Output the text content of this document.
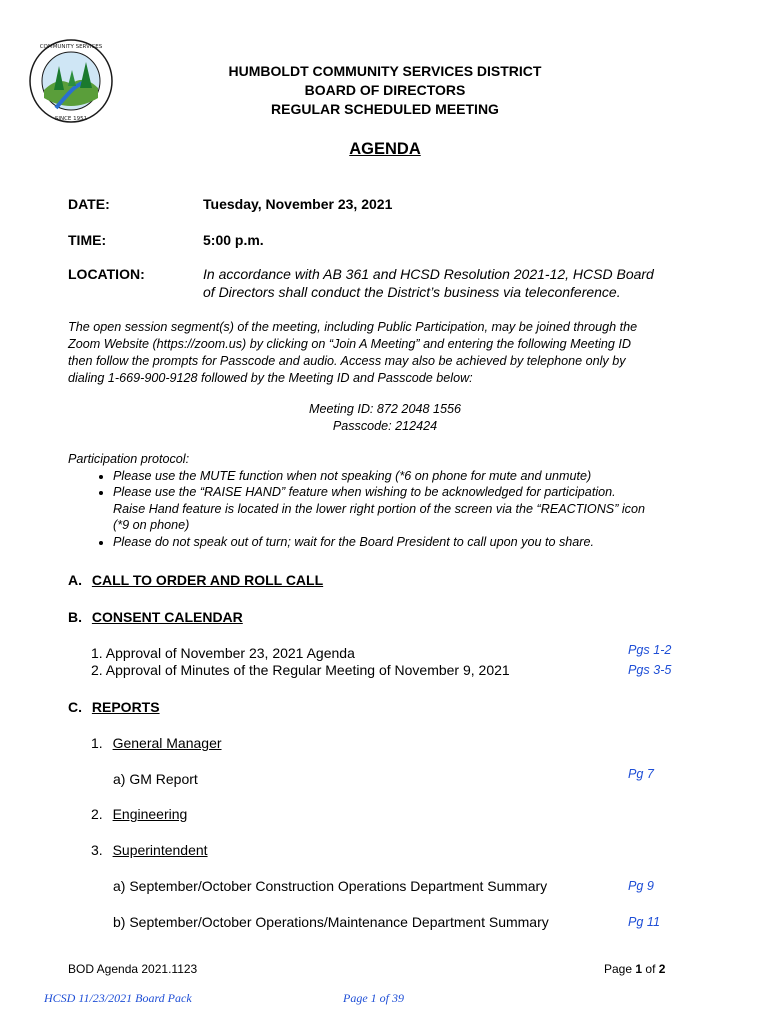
COMMUNITY SERVICES
SINCE 1951
HUMBOLDT COMMUNITY SERVICES DISTRICT
BOARD OF DIRECTORS
REGULAR SCHEDULED MEETING
AGENDA
DATE:	Tuesday, November 23, 2021
TIME:	5:00 p.m.
LOCATION:	In accordance with AB 361 and HCSD Resolution 2021-12, HCSD Board
of Directors shall conduct the District’s business via teleconference.
The open session segment(s) of the meeting, including Public Participation, may be joined through the
Zoom Website (https://zoom.us) by clicking on “Join A Meeting” and entering the following Meeting ID
then follow the prompts for Passcode and audio. Access may also be achieved by telephone only by
dialing 1-669-900-9128 followed by the Meeting ID and Passcode below:
Meeting ID: 872 2048 1556
Passcode: 212424
Participation protocol:
• Please use the MUTE function when not speaking (*6 on phone for mute and unmute)
• Please use the “RAISE HAND” feature when wishing to be acknowledged for participation.
Raise Hand feature is located in the lower right portion of the screen via the “REACTIONS” icon
(*9 on phone)
• Please do not speak out of turn; wait for the Board President to call upon you to share.
A. CALL TO ORDER AND ROLL CALL
B. CONSENT CALENDAR
1. Approval of November 23, 2021 Agenda	Pgs 1-2
2. Approval of Minutes of the Regular Meeting of November 9, 2021	Pgs 3-5
C. REPORTS
1. General Manager
a) GM Report	Pg 7
2. Engineering
3. Superintendent
a) September/October Construction Operations Department Summary	Pg 9
b) September/October Operations/Maintenance Department Summary	Pg 11
BOD Agenda 2021.1123	Page 1 of 2
HCSD 11/23/2021 Board Pack	Page 1 of 39
